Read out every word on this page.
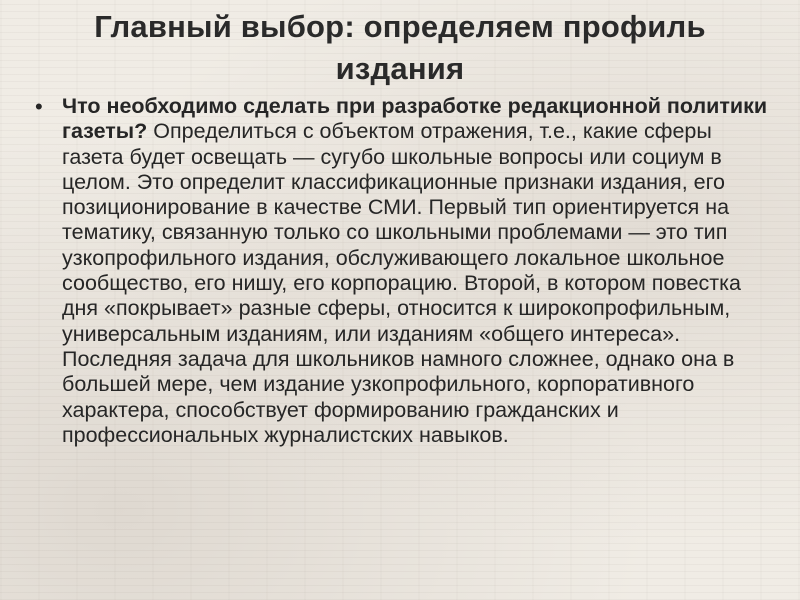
Главный выбор: определяем профиль издания
• Что необходимо сделать при разработке редакционной политики газеты? Определиться с объектом отражения, т.е., какие сферы газета будет освещать — сугубо школьные вопросы или социум в целом. Это определит классификационные признаки издания, его позиционирование в качестве СМИ. Первый тип ориентируется на тематику, связанную только со школьными проблемами — это тип узкопрофильного издания, обслуживающего локальное школьное сообщество, его нишу, его корпорацию. Второй, в котором повестка дня «покрывает» разные сферы, относится к широкопрофильным, универсальным изданиям, или изданиям «общего интереса». Последняя задача для школьников намного сложнее, однако она в большей мере, чем издание узкопрофильного, корпоративного характера, способствует формированию гражданских и профессиональных журналистских навыков.
